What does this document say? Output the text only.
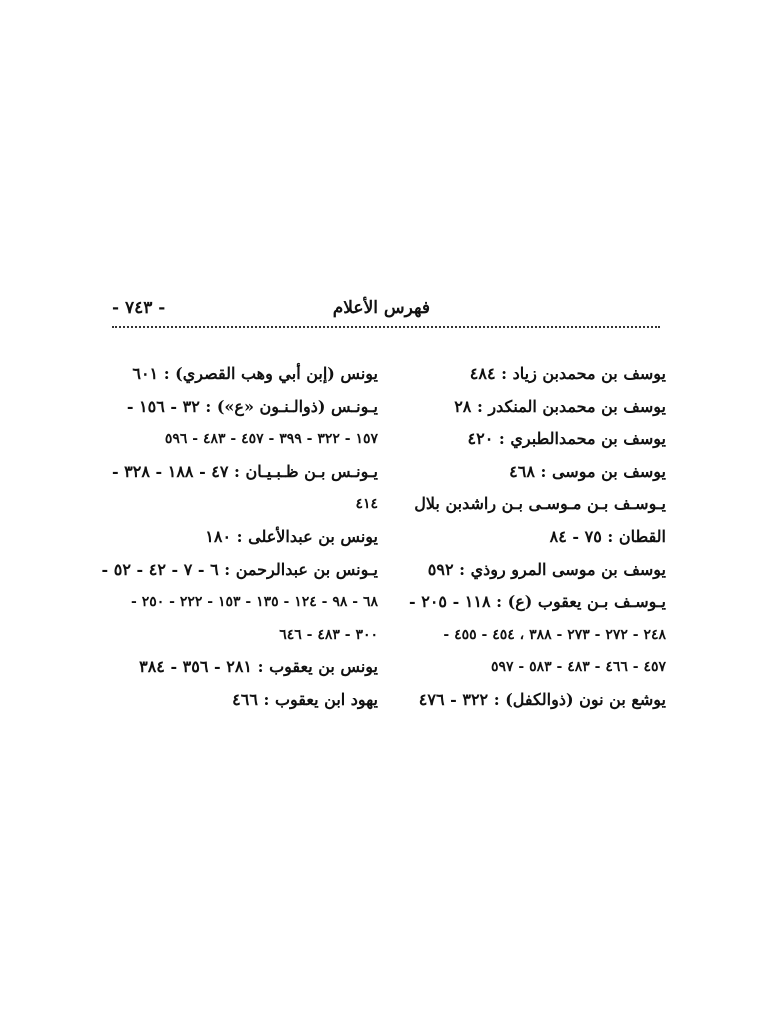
فهرس الأعلام
- ٧٤٣ -
يوسف بن محمدبن زياد : ٤٨٤
يوسف بن محمدبن المنكدر : ٢٨
يوسف بن محمدالطبري : ٤٢٠
يوسف بن موسى : ٤٦٨
يـوسـف بـن مـوسـى بـن راشدبن بلال
القطان : ٧٥ - ٨٤
يوسف بن موسى المرو روذي : ٥٩٢
يـوسـف بـن يعقوب (ع) : ١١٨ - ٢٠٥ -
٢٤٨ - ٢٧٢ - ٢٧٣ - ٣٨٨ ، ٤٥٤ - ٤٥٥ -
٤٥٧ - ٤٦٦ - ٤٨٣ - ٥٨٣ - ٥٩٧
يوشع بن نون (ذوالكفل) : ٣٢٢ - ٤٧٦
يونس (إبن أبي وهب القصري) : ٦٠١
يـونـس (ذوالـنـون «ع») : ٣٢ - ١٥٦ -
١٥٧ - ٣٢٢ - ٣٩٩ - ٤٥٧ - ٤٨٣ - ٥٩٦
يـونـس بـن ظـبـيـان : ٤٧ - ١٨٨ - ٣٢٨ -
٤١٤
يونس بن عبدالأعلى : ١٨٠
يـونس بن عبدالرحمن : ٦ - ٧ - ٤٢ - ٥٢ -
٦٨ - ٩٨ - ١٢٤ - ١٣٥ - ١٥٣ - ٢٢٢ - ٢٥٠ -
٣٠٠ - ٤٨٣ - ٦٤٦
يونس بن يعقوب : ٢٨١ - ٣٥٦ - ٣٨٤
يهود ابن يعقوب : ٤٦٦
